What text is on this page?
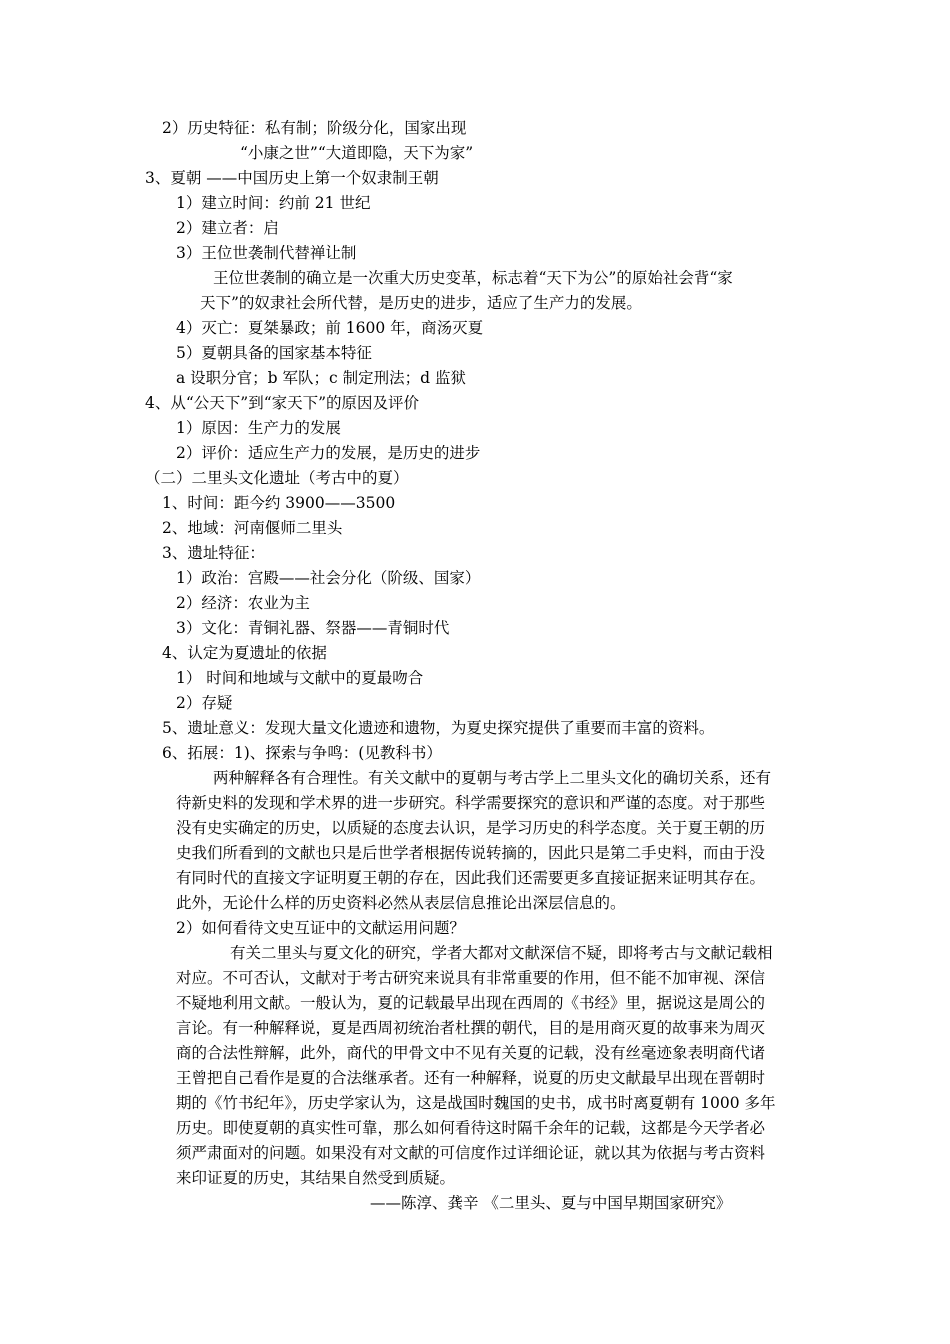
2）历史特征：私有制；阶级分化，国家出现
“小康之世”“大道即隐，天下为家”
3、夏朝 ——中国历史上第一个奴隶制王朝
1）建立时间：约前 21 世纪
2）建立者：启
3）王位世袭制代替禅让制
王位世袭制的确立是一次重大历史变革，标志着“天下为公”的原始社会背“家
天下”的奴隶社会所代替，是历史的进步，适应了生产力的发展。
4）灭亡：夏桀暴政；前 1600 年，商汤灭夏
5）夏朝具备的国家基本特征
a 设职分官；b 军队；c 制定刑法；d 监狱
4、从“公天下”到“家天下”的原因及评价
1）原因：生产力的发展
2）评价：适应生产力的发展，是历史的进步
（二）二里头文化遗址（考古中的夏）
1、时间：距今约 3900——3500
2、地域：河南偃师二里头
3、遗址特征：
1）政治：宫殿——社会分化（阶级、国家）
2）经济：农业为主
3）文化：青铜礼器、祭器——青铜时代
4、认定为夏遗址的依据
1） 时间和地域与文献中的夏最吻合
2）存疑
5、遗址意义：发现大量文化遗迹和遗物，为夏史探究提供了重要而丰富的资料。
6、拓展：1)、探索与争鸣：(见教科书）
两种解释各有合理性。有关文献中的夏朝与考古学上二里头文化的确切关系，还有
待新史料的发现和学术界的进一步研究。科学需要探究的意识和严谨的态度。对于那些
没有史实确定的历史，以质疑的态度去认识，是学习历史的科学态度。关于夏王朝的历
史我们所看到的文献也只是后世学者根据传说转摘的，因此只是第二手史料，而由于没
有同时代的直接文字证明夏王朝的存在，因此我们还需要更多直接证据来证明其存在。
此外，无论什么样的历史资料必然从表层信息推论出深层信息的。
2）如何看待文史互证中的文献运用问题？
有关二里头与夏文化的研究，学者大都对文献深信不疑，即将考古与文献记载相
对应。不可否认，文献对于考古研究来说具有非常重要的作用，但不能不加审视、深信
不疑地利用文献。一般认为，夏的记载最早出现在西周的《书经》里，据说这是周公的
言论。有一种解释说，夏是西周初统治者杜撰的朝代，目的是用商灭夏的故事来为周灭
商的合法性辩解，此外，商代的甲骨文中不见有关夏的记载，没有丝毫迹象表明商代诸
王曾把自己看作是夏的合法继承者。还有一种解释，说夏的历史文献最早出现在晋朝时
期的《竹书纪年》，历史学家认为，这是战国时魏国的史书，成书时离夏朝有 1000 多年
历史。即使夏朝的真实性可靠，那么如何看待这时隔千余年的记载，这都是今天学者必
须严肃面对的问题。如果没有对文献的可信度作过详细论证，就以其为依据与考古资料
来印证夏的历史，其结果自然受到质疑。
——陈淳、龚辛 《二里头、夏与中国早期国家研究》
